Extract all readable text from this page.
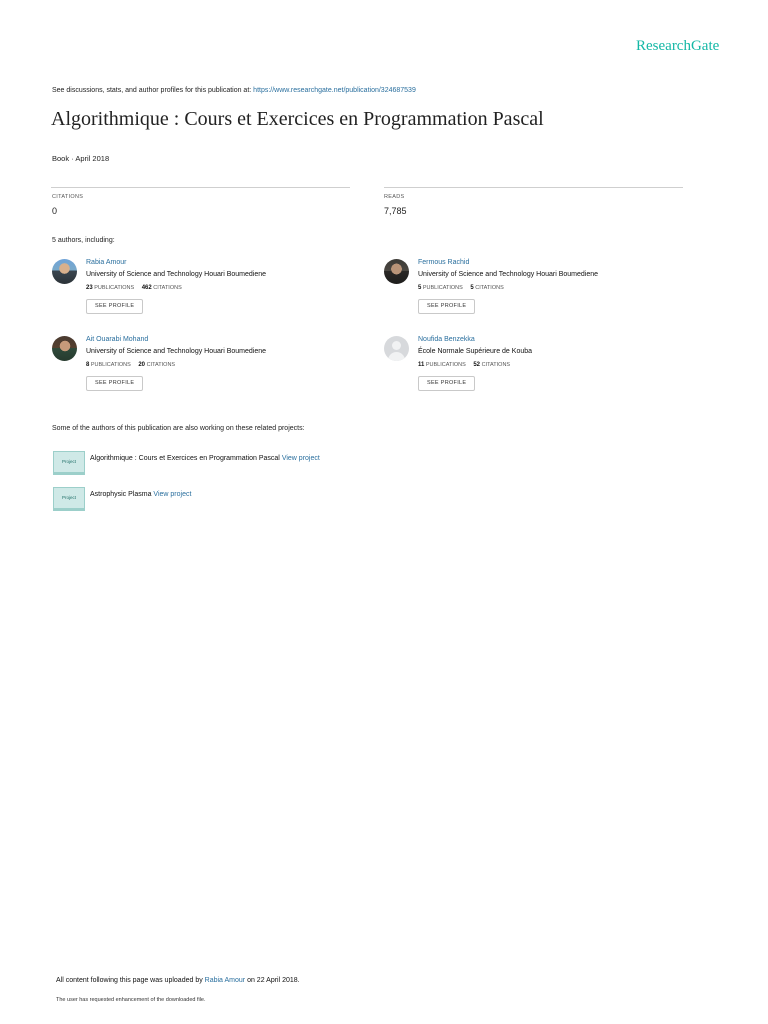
ResearchGate
See discussions, stats, and author profiles for this publication at: https://www.researchgate.net/publication/324687539
Algorithmique : Cours et Exercices en Programmation Pascal
Book · April 2018
CITATIONS
0
READS
7,785
5 authors, including:
Rabia Amour
University of Science and Technology Houari Boumediene
23 PUBLICATIONS 462 CITATIONS
SEE PROFILE
Fermous Rachid
University of Science and Technology Houari Boumediene
5 PUBLICATIONS 5 CITATIONS
SEE PROFILE
Ait Ouarabi Mohand
University of Science and Technology Houari Boumediene
8 PUBLICATIONS 20 CITATIONS
SEE PROFILE
Noufida Benzekka
École Normale Supérieure de Kouba
11 PUBLICATIONS 52 CITATIONS
SEE PROFILE
Some of the authors of this publication are also working on these related projects:
Project	Algorithmique : Cours et Exercices en Programmation Pascal View project
Project	Astrophysic Plasma View project
All content following this page was uploaded by Rabia Amour on 22 April 2018.
The user has requested enhancement of the downloaded file.
